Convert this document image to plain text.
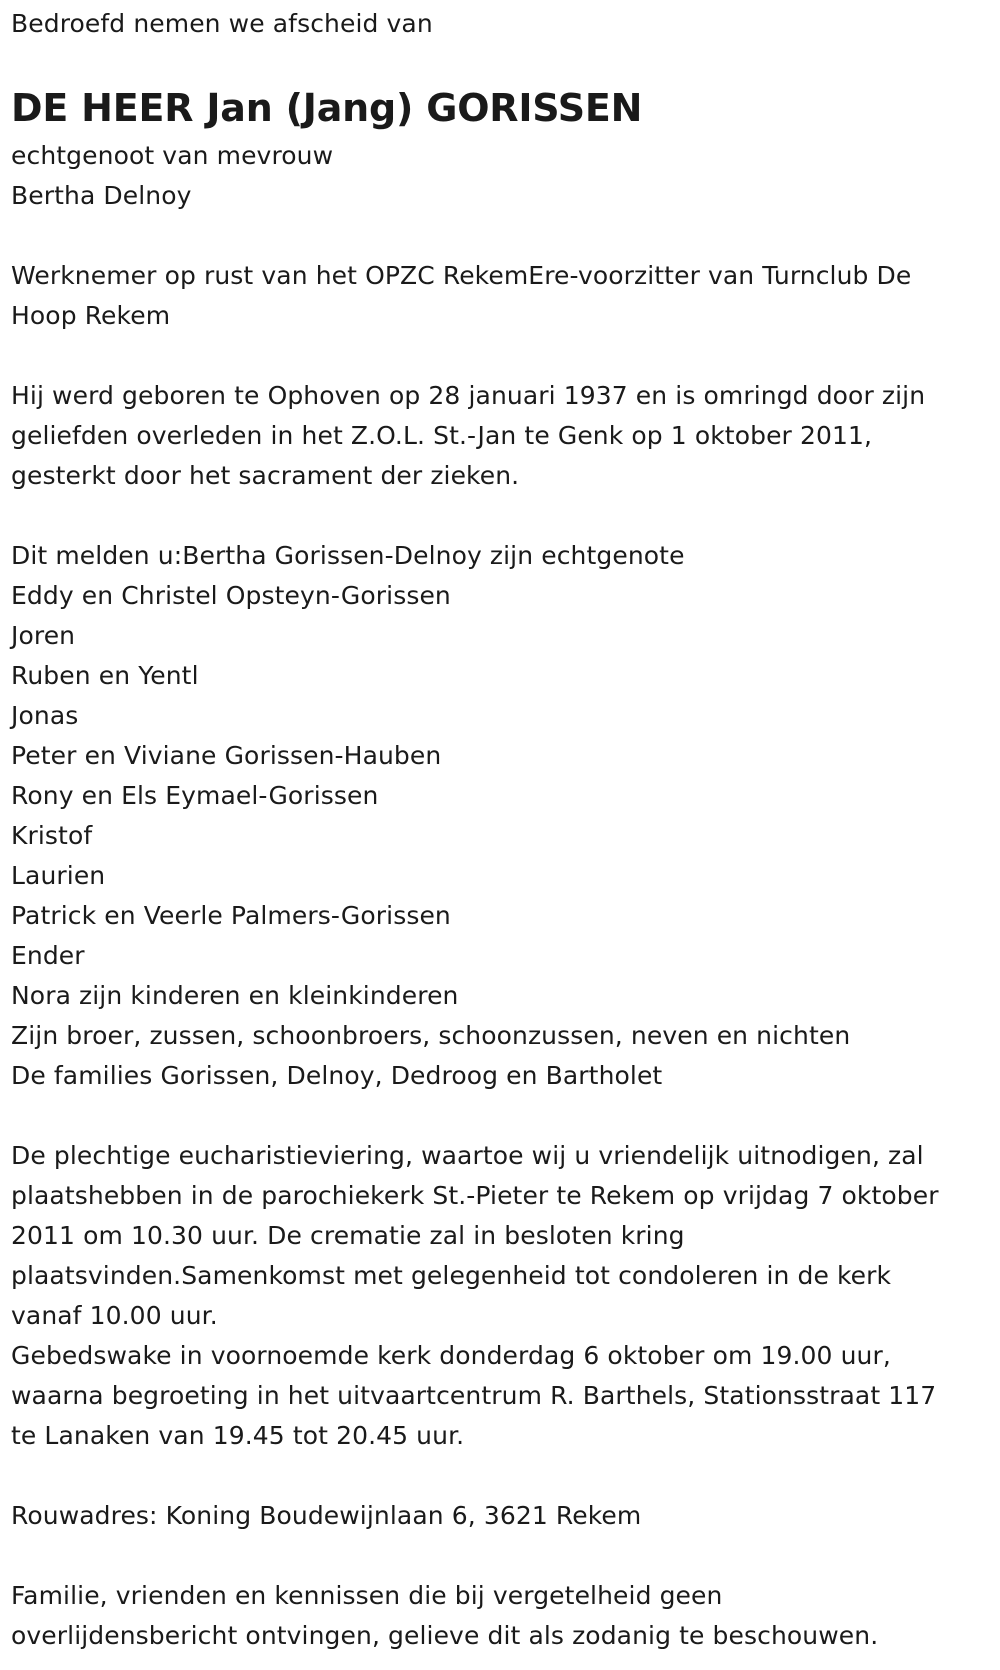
Bedroefd nemen we afscheid van
DE HEER Jan (Jang) GORISSEN
echtgenoot van mevrouw
Bertha Delnoy
Werknemer op rust van het OPZC RekemEre-voorzitter van Turnclub De
Hoop Rekem
Hij werd geboren te Ophoven op 28 januari 1937 en is omringd door zijn
geliefden overleden in het Z.O.L. St.-Jan te Genk op 1 oktober 2011,
gesterkt door het sacrament der zieken.
Dit melden u:Bertha Gorissen-Delnoy zijn echtgenote
Eddy en Christel Opsteyn-Gorissen
Joren
Ruben en Yentl
Jonas
Peter en Viviane Gorissen-Hauben
Rony en Els Eymael-Gorissen
Kristof
Laurien
Patrick en Veerle Palmers-Gorissen
Ender
Nora zijn kinderen en kleinkinderen
Zijn broer, zussen, schoonbroers, schoonzussen, neven en nichten
De families Gorissen, Delnoy, Dedroog en Bartholet
De plechtige eucharistieviering, waartoe wij u vriendelijk uitnodigen, zal
plaatshebben in de parochiekerk St.-Pieter te Rekem op vrijdag 7 oktober
2011 om 10.30 uur. De crematie zal in besloten kring
plaatsvinden.Samenkomst met gelegenheid tot condoleren in de kerk
vanaf 10.00 uur.
Gebedswake in voornoemde kerk donderdag 6 oktober om 19.00 uur,
waarna begroeting in het uitvaartcentrum R. Barthels, Stationsstraat 117
te Lanaken van 19.45 tot 20.45 uur.
Rouwadres: Koning Boudewijnlaan 6, 3621 Rekem
Familie, vrienden en kennissen die bij vergetelheid geen
overlijdensbericht ontvingen, gelieve dit als zodanig te beschouwen.
